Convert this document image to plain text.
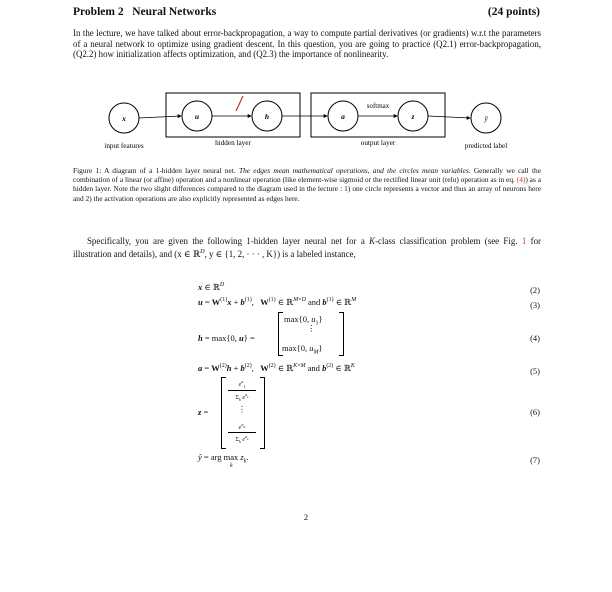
Problem 2 Neural Networks	(24 points)

In the lecture, we have talked about error-backpropagation, a way to compute partial derivatives (or gradients) w.r.t the parameters of a neural network to optimize using gradient descent. In this question, you are going to practice (Q2.1) error-backpropagation, (Q2.2) how initialization affects optimization, and (Q2.3) the importance of nonlinearity.

x	u	h	a	z	ŷ
softmax
input features	hidden layer	output layer	predicted label

Figure 1: A diagram of a 1-hidden layer neural net. The edges mean mathematical operations, and the circles mean variables. Generally we call the combination of a linear (or affine) operation and a nonlinear operation (like element-wise sigmoid or the rectified linear unit (relu) operation as in eq. (4)) as a hidden layer. Note the two slight differences compared to the diagram used in the lecture : 1) one circle represents a vector and thus an array of neurons here and 2) the activation operations are also explicitly represented as edges here.

Specifically, you are given the following 1-hidden layer neural net for a K-class classification problem (see Fig. 1 for illustration and details), and (x ∈ ℝ$^D$, y ∈ {1, 2, · · · , K}) is a labeled instance,

x ∈ ℝ$^D$	(2)
$u = W^{(1)}x + b^{(1)}$,   $W^{(1)}$ ∈ ℝ$^{M\times D}$ and $b^{(1)}$ ∈ ℝ$^M$	(3)
h = max{0, u} =
max{0, $u_1$}
⋮
max{0, $u_M$}
(4)
$a = W^{(2)}h + b^{(2)}$,   $W^{(2)}$ ∈ ℝ$^{K\times M}$ and $b^{(2)}$ ∈ ℝ$^K$	(5)
z =
$e^a_1$
$\Sigma_k$ $e^{a_k}$
⋮
$e^{a_K}$
$\Sigma_k$ $e^{a_k}$
(6)
ŷ = arg $\max z_k$.
k
(7)
2
